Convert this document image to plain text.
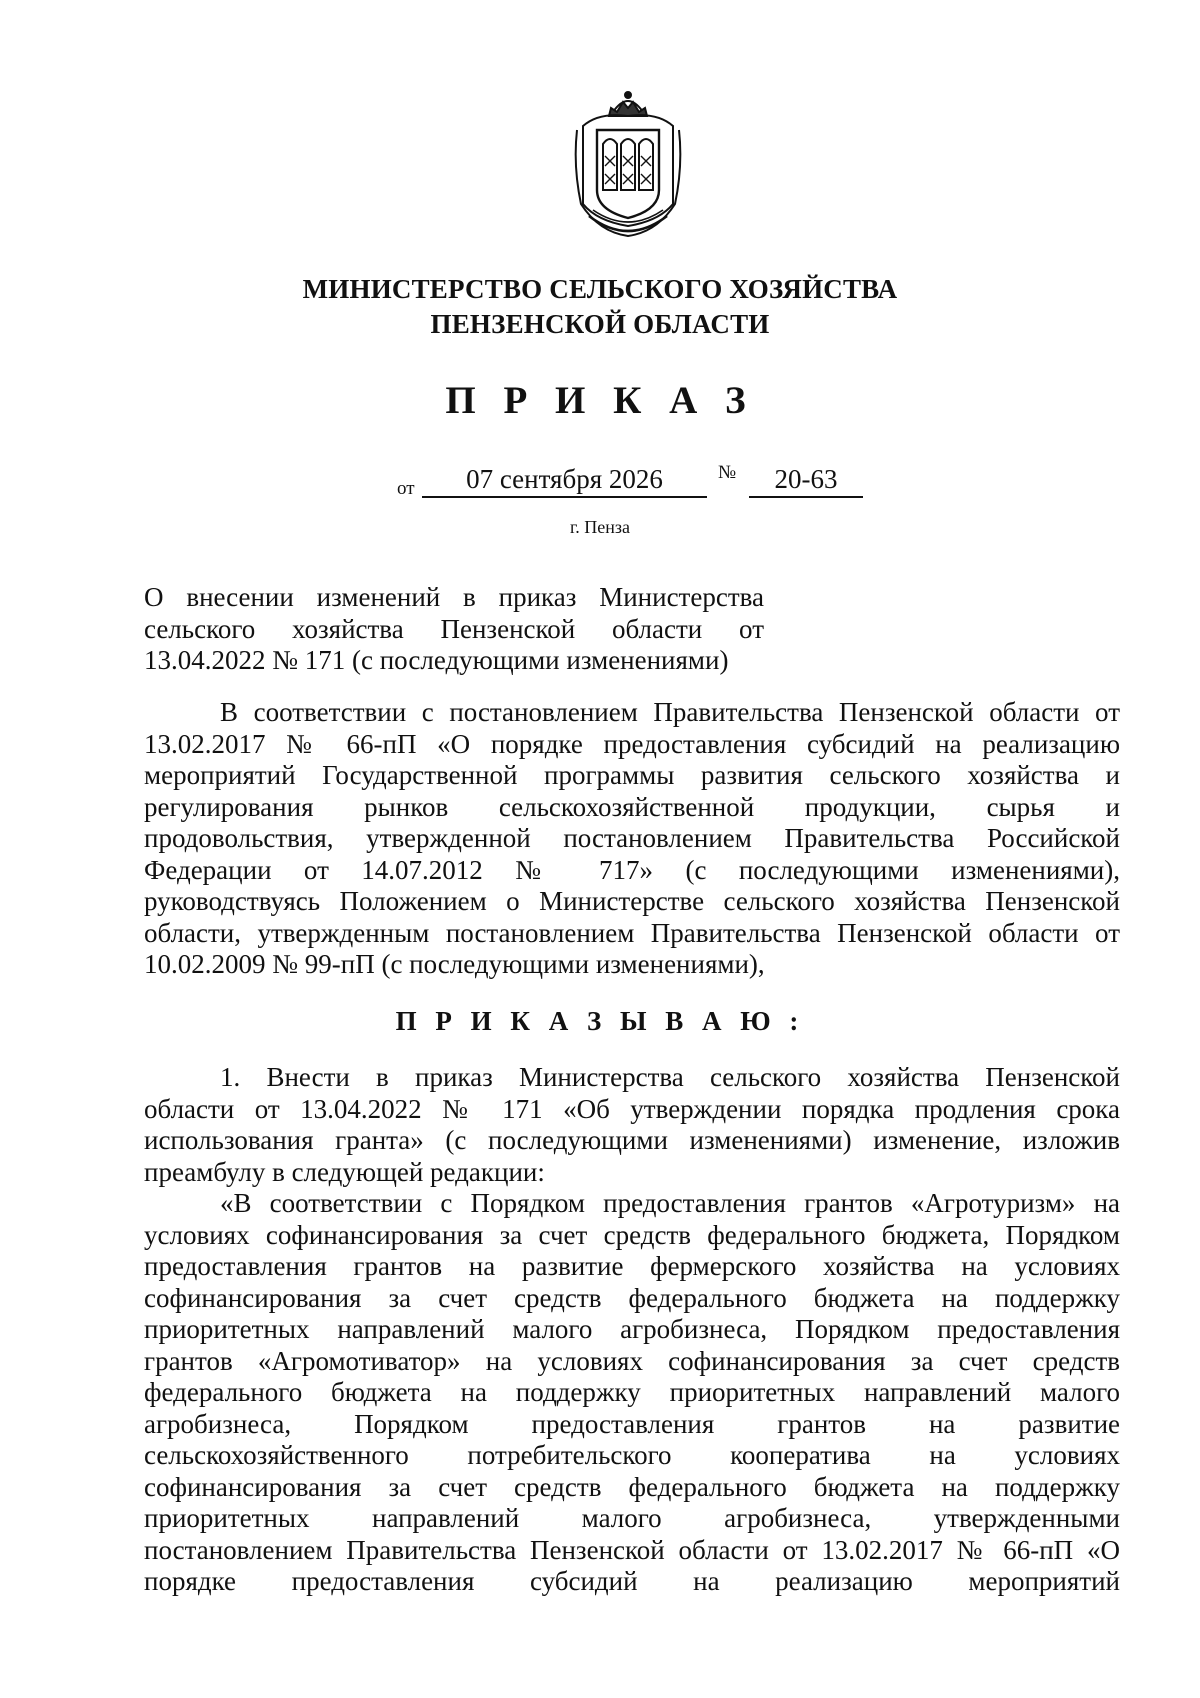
МИНИСТЕРСТВО СЕЛЬСКОГО ХОЗЯЙСТВА
ПЕНЗЕНСКОЙ ОБЛАСТИ
П Р И К А З
от	07 сентября 2026	№	20-63
г. Пенза
О внесении изменений в приказ Министерства
сельского хозяйства Пензенской области от
13.04.2022 № 171 (с последующими изменениями)
В соответствии с постановлением Правительства Пензенской области от
13.02.2017 № 66-пП «О порядке предоставления субсидий на реализацию
мероприятий Государственной программы развития сельского хозяйства и
регулирования рынков сельскохозяйственной продукции, сырья и
продовольствия, утвержденной постановлением Правительства Российской
Федерации от 14.07.2012 № 717» (с последующими изменениями),
руководствуясь Положением о Министерстве сельского хозяйства Пензенской
области, утвержденным постановлением Правительства Пензенской области от
10.02.2009 № 99-пП (с последующими изменениями),
П Р И К А З Ы В А Ю :
1. Внести в приказ Министерства сельского хозяйства Пензенской
области от 13.04.2022 № 171 «Об утверждении порядка продления срока
использования гранта» (с последующими изменениями) изменение, изложив
преамбулу в следующей редакции:
«В соответствии с Порядком предоставления грантов «Агротуризм» на
условиях софинансирования за счет средств федерального бюджета, Порядком
предоставления грантов на развитие фермерского хозяйства на условиях
софинансирования за счет средств федерального бюджета на поддержку
приоритетных направлений малого агробизнеса, Порядком предоставления
грантов «Агромотиватор» на условиях софинансирования за счет средств
федерального бюджета на поддержку приоритетных направлений малого
агробизнеса, Порядком предоставления грантов на развитие
сельскохозяйственного потребительского кооператива на условиях
софинансирования за счет средств федерального бюджета на поддержку
приоритетных направлений малого агробизнеса, утвержденными
постановлением Правительства Пензенской области от 13.02.2017 № 66-пП «О
порядке предоставления субсидий на реализацию мероприятий
